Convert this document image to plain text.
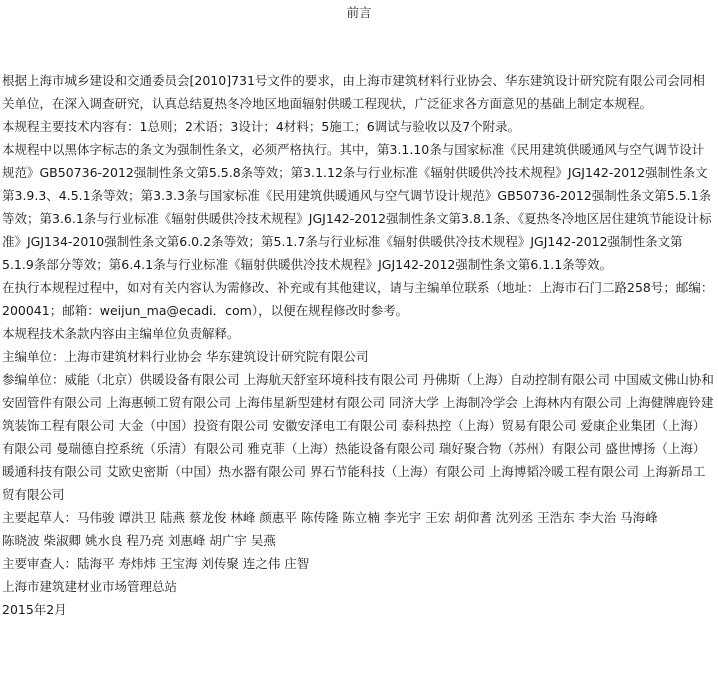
前言

根据上海市城乡建设和交通委员会[2010]731号文件的要求，由上海市建筑材料行业协会、华东建筑设计研究院有限公司会同相关单位，在深入调查研究，认真总结夏热冬冷地区地面辐射供暖工程现状，广泛征求各方面意见的基础上制定本规程。

本规程主要技术内容有：1总则；2术语；3设计；4材料；5施工；6调试与验收以及7个附录。

本规程中以黑体字标志的条文为强制性条文，必须严格执行。其中，第3.1.10条与国家标准《民用建筑供暖通风与空气调节设计规范》GB50736-2012强制性条文第5.5.8条等效；第3.1.12条与行业标准《辐射供暖供冷技术规程》JGJ142-2012强制性条文第3.9.3、4.5.1条等效；第3.3.3条与国家标准《民用建筑供暖通风与空气调节设计规范》GB50736-2012强制性条文第5.5.1条等效；第3.6.1条与行业标准《辐射供暖供冷技术规程》JGJ142-2012强制性条文第3.8.1条、《夏热冬冷地区居住建筑节能设计标准》JGJ134-2010强制性条文第6.0.2条等效；第5.1.7条与行业标准《辐射供暖供冷技术规程》JGJ142-2012强制性条文第5.1.9条部分等效；第6.4.1条与行业标准《辐射供暖供冷技术规程》JGJ142-2012强制性条文第6.1.1条等效。

在执行本规程过程中，如对有关内容认为需修改、补充或有其他建议，请与主编单位联系（地址：上海市石门二路258号；邮编：200041；邮箱：weijun_ma@ecadi．com），以便在规程修改时参考。

本规程技术条款内容由主编单位负责解释。

主编单位：上海市建筑材料行业协会 华东建筑设计研究院有限公司

参编单位：威能（北京）供暖设备有限公司 上海航天舒室环境科技有限公司 丹佛斯（上海）自动控制有限公司 中国威文佛山协和安固管件有限公司 上海惠顿工贸有限公司 上海伟星新型建材有限公司 同济大学 上海制冷学会 上海林内有限公司 上海健牌鹿铃建筑装饰工程有限公司 大金（中国）投资有限公司 安徽安泽电工有限公司 泰科热控（上海）贸易有限公司 爱康企业集团（上海）有限公司 曼瑞德自控系统（乐清）有限公司 雅克菲（上海）热能设备有限公司 瑞好聚合物（苏州）有限公司 盛世博扬（上海）暖通科技有限公司 艾欧史密斯（中国）热水器有限公司 界石节能科技（上海）有限公司 上海博韬冷暖工程有限公司 上海新昂工贸有限公司

主要起草人：马伟骏 谭洪卫 陆燕 蔡龙俊 林峰 颜惠平 陈传隆 陈立楠 李光宇 王宏 胡仰耆 沈列丞 王浩东 李大治 马海峰

陈晓波 柴淑卿 姚水良 程乃亮 刘惠峰 胡广宇 吴燕

主要审查人：陆海平 寿炜炜 王宝海 刘传聚 连之伟 庄智

上海市建筑建材业市场管理总站

2015年2月
